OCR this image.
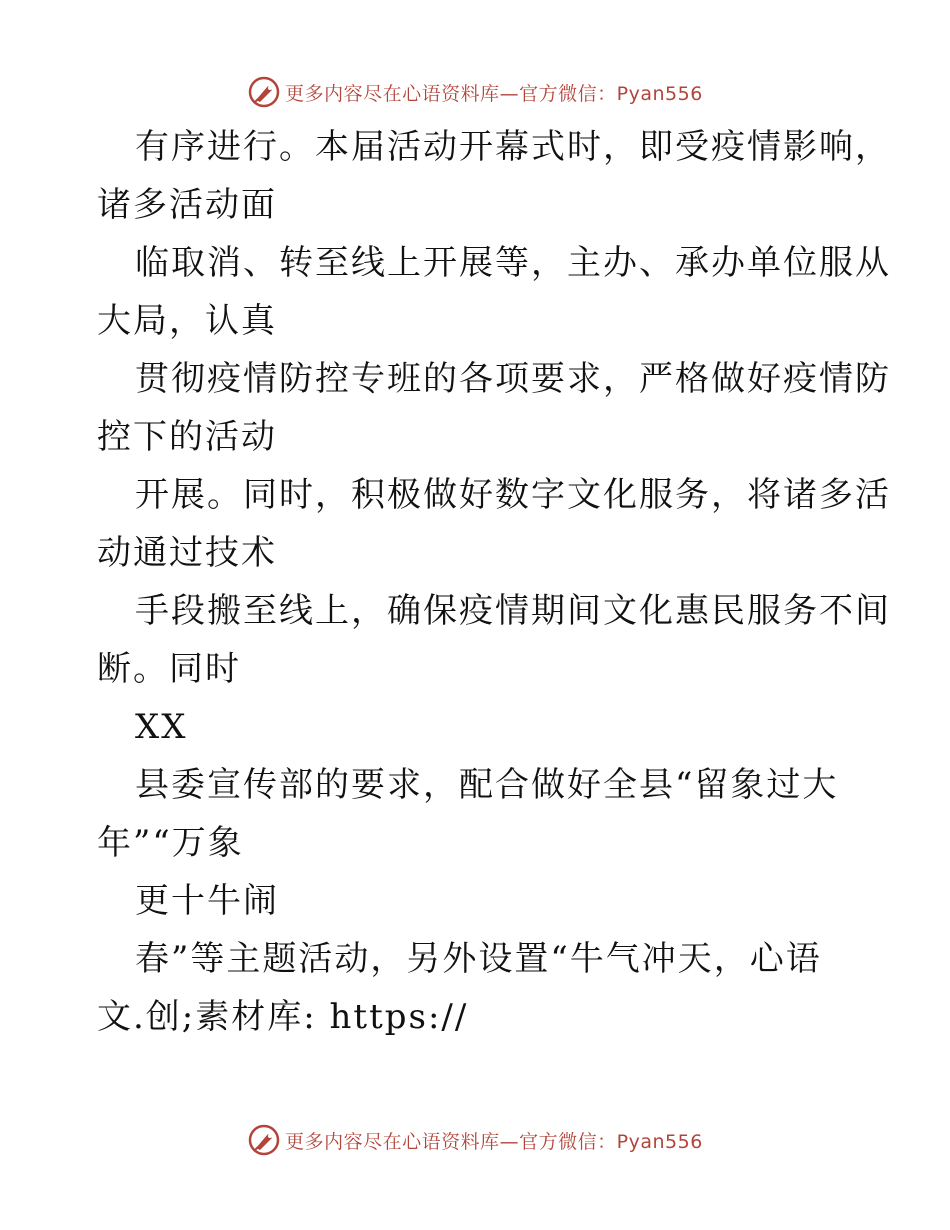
更多内容尽在心语资料库—官方微信：Pyan556
有序进行。本届活动开幕式时，即受疫情影响，
诸多活动面
临取消、转至线上开展等，主办、承办单位服从
大局，认真
贯彻疫情防控专班的各项要求，严格做好疫情防
控下的活动
开展。同时，积极做好数字文化服务，将诸多活
动通过技术
手段搬至线上，确保疫情期间文化惠民服务不间
断。同时
XX
县委宣传部的要求，配合做好全县“留象过大
年”“万象
更十牛闹
春”等主题活动，另外设置“牛气冲天，心语
文.创;素材库: https://
更多内容尽在心语资料库—官方微信：Pyan556
